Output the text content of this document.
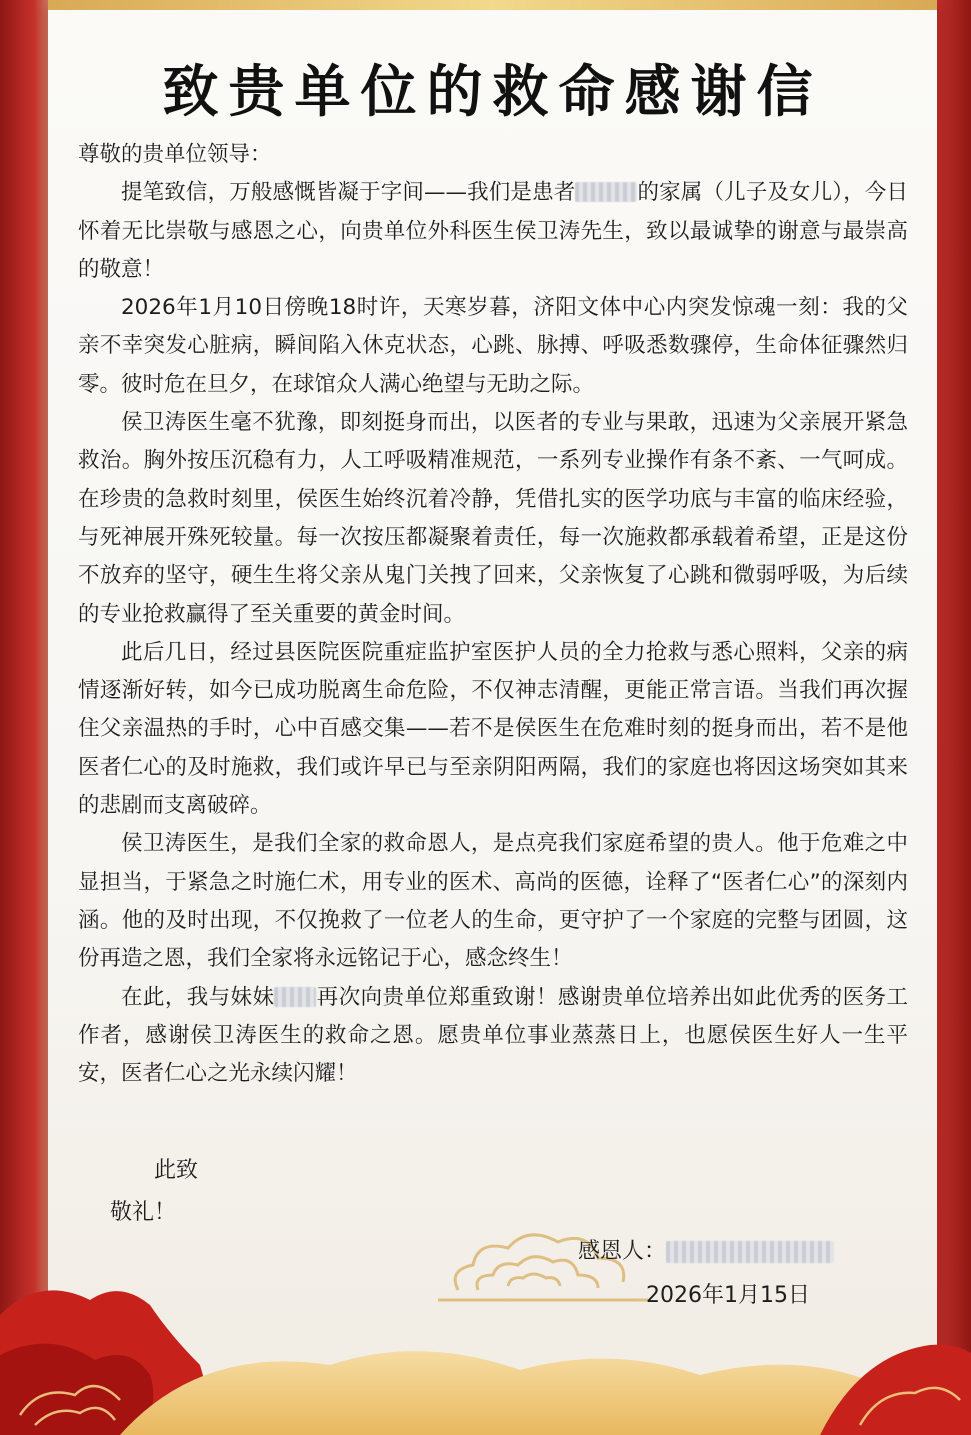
致贵单位的救命感谢信

尊敬的贵单位领导：

提笔致信，万般感慨皆凝于字间——我们是患者	的家属（儿子及女儿），今日怀着无比崇敬与感恩之心，向贵单位外科医生侯卫涛先生，致以最诚挚的谢意与最崇高的敬意！

2026年1月10日傍晚18时许，天寒岁暮，济阳文体中心内突发惊魂一刻：我的父亲不幸突发心脏病，瞬间陷入休克状态，心跳、脉搏、呼吸悉数骤停，生命体征骤然归零。彼时危在旦夕，在球馆众人满心绝望与无助之际。

侯卫涛医生毫不犹豫，即刻挺身而出，以医者的专业与果敢，迅速为父亲展开紧急救治。胸外按压沉稳有力，人工呼吸精准规范，一系列专业操作有条不紊、一气呵成。在珍贵的急救时刻里，侯医生始终沉着冷静，凭借扎实的医学功底与丰富的临床经验，与死神展开殊死较量。每一次按压都凝聚着责任，每一次施救都承载着希望，正是这份不放弃的坚守，硬生生将父亲从鬼门关拽了回来，父亲恢复了心跳和微弱呼吸，为后续的专业抢救赢得了至关重要的黄金时间。

此后几日，经过县医院医院重症监护室医护人员的全力抢救与悉心照料，父亲的病情逐渐好转，如今已成功脱离生命危险，不仅神志清醒，更能正常言语。当我们再次握住父亲温热的手时，心中百感交集——若不是侯医生在危难时刻的挺身而出，若不是他医者仁心的及时施救，我们或许早已与至亲阴阳两隔，我们的家庭也将因这场突如其来的悲剧而支离破碎。

侯卫涛医生，是我们全家的救命恩人，是点亮我们家庭希望的贵人。他于危难之中显担当，于紧急之时施仁术，用专业的医术、高尚的医德，诠释了“医者仁心”的深刻内涵。他的及时出现，不仅挽救了一位老人的生命，更守护了一个家庭的完整与团圆，这份再造之恩，我们全家将永远铭记于心，感念终生！

在此，我与妹妹 再次向贵单位郑重致谢！感谢贵单位培养出如此优秀的医务工作者，感谢侯卫涛医生的救命之恩。愿贵单位事业蒸蒸日上，也愿侯医生好人一生平安，医者仁心之光永续闪耀！

此致
敬礼！
感恩人：
2026年1月15日
